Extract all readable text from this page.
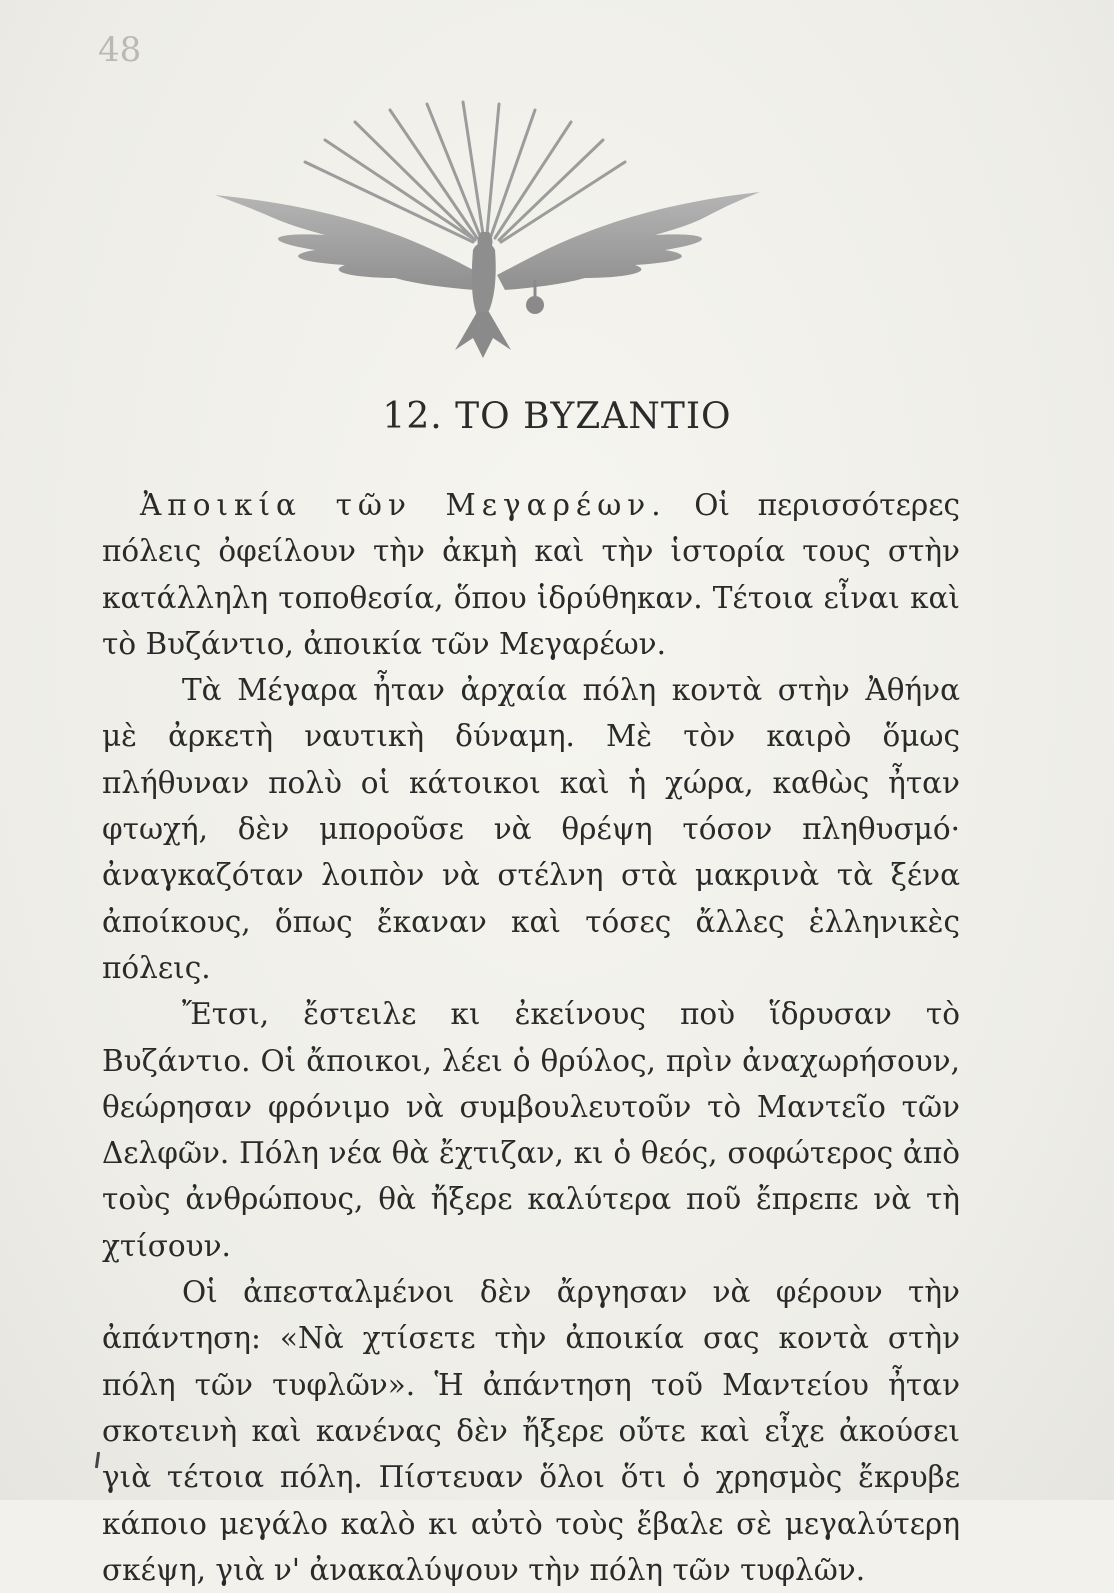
48
12. ΤΟ ΒΥΖΑΝΤΙΟ

Ἀποικία τῶν Μεγαρέων. Οἱ περισσότερες πόλεις ὀφείλουν τὴν ἀκμὴ καὶ τὴν ἱστορία τους στὴν κατάλληλη τοποθεσία, ὅπου ἱδρύθηκαν. Τέτοια εἶναι καὶ τὸ Βυζάντιο, ἀποικία τῶν Μεγαρέων.

Τὰ Μέγαρα ἦταν ἀρχαία πόλη κοντὰ στὴν Ἀθήνα μὲ ἀρκετὴ ναυτικὴ δύναμη. Μὲ τὸν καιρὸ ὅμως πλήθυναν πολὺ οἱ κάτοικοι καὶ ἡ χώρα, καθὼς ἦταν φτωχή, δὲν μποροῦσε νὰ θρέψη τόσον πληθυσμό· ἀναγκαζόταν λοιπὸν νὰ στέλνη στὰ μακρινὰ τὰ ξένα ἀποίκους, ὅπως ἔκαναν καὶ τόσες ἄλλες ἑλληνικὲς πόλεις.

Ἔτσι, ἔστειλε κι ἐκείνους ποὺ ἵδρυσαν τὸ Βυζάντιο. Οἱ ἄποικοι, λέει ὁ θρύλος, πρὶν ἀναχωρήσουν, θεώρησαν φρόνιμο νὰ συμβουλευτοῦν τὸ Μαντεῖο τῶν Δελφῶν. Πόλη νέα θὰ ἔχτιζαν, κι ὁ θεός, σοφώτερος ἀπὸ τοὺς ἀνθρώπους, θὰ ἤξερε καλύτερα ποῦ ἔπρεπε νὰ τὴ χτίσουν.

Οἱ ἀπεσταλμένοι δὲν ἄργησαν νὰ φέρουν τὴν ἀπάντηση: «Νὰ χτίσετε τὴν ἀποικία σας κοντὰ στὴν πόλη τῶν τυφλῶν». Ἡ ἀπάντηση τοῦ Μαντείου ἦταν σκοτεινὴ καὶ κανένας δὲν ἤξερε οὔτε καὶ εἶχε ἀκούσει γιὰ τέτοια πόλη. Πίστευαν ὅλοι ὅτι ὁ χρησμὸς ἔκρυβε κάποιο μεγάλο καλὸ κι αὐτὸ τοὺς ἔβαλε σὲ μεγαλύτερη σκέψη, γιὰ ν' ἀνακαλύψουν τὴν πόλη τῶν τυφλῶν.
